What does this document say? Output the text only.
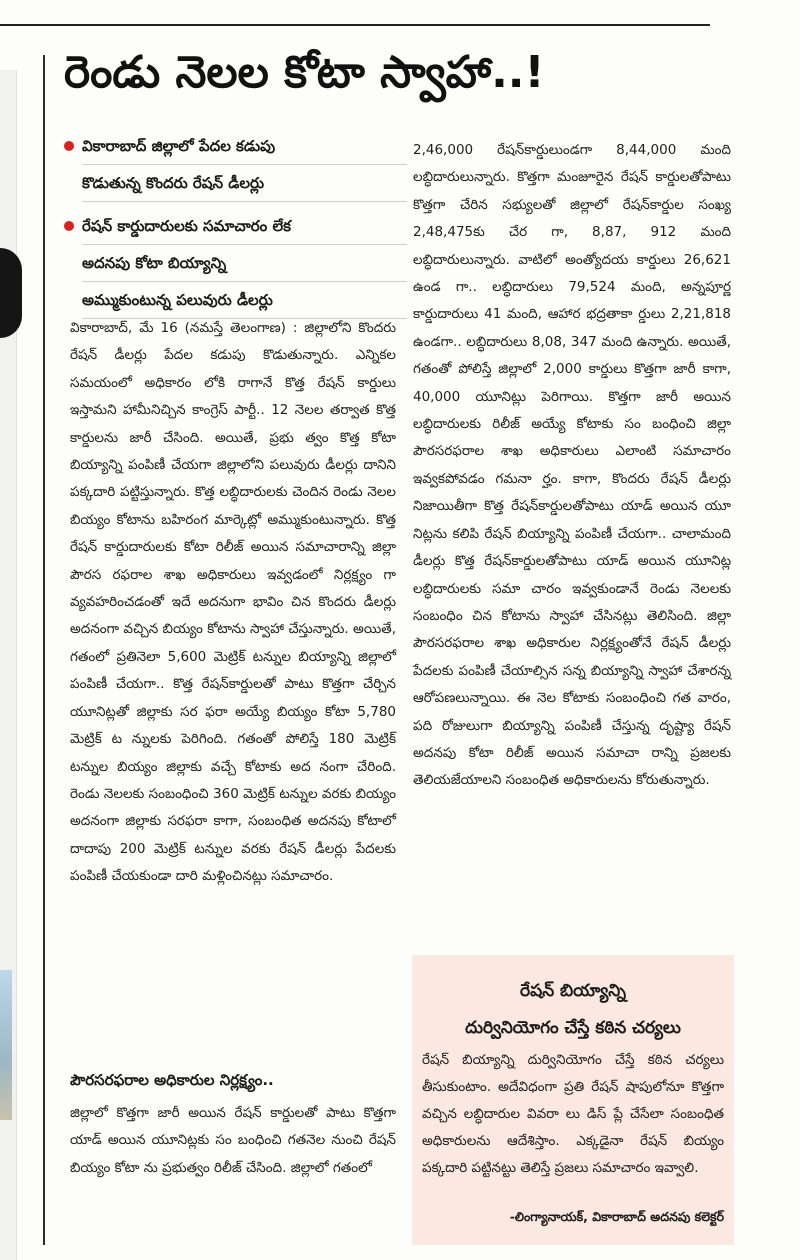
రెండు నెలల కోటా స్వాహా..!
వికారాబాద్ జిల్లాలో పేదల కడుపు
కొడుతున్న కొందరు రేషన్ డీలర్లు
రేషన్ కార్డుదారులకు సమాచారం లేక
అదనపు కోటా బియ్యాన్ని
అమ్ముకుంటున్న పలువురు డీలర్లు

వికారాబాద్, మే 16 (నమస్తే తెలంగాణ) : జిల్లాలోని కొందరు రేషన్ డీలర్లు పేదల కడుపు కొడుతున్నారు. ఎన్నికల సమయంలో అధికారం లోకి రాగానే కొత్త రేషన్ కార్డులు ఇస్తామని హామీనిచ్చిన కాంగ్రెస్ పార్టీ.. 12 నెలల తర్వాత కొత్త కార్డులను జారీ చేసింది. అయితే, ప్రభు త్వం కొత్త కోటా బియ్యాన్ని పంపిణీ చేయగా జిల్లాలోని పలువురు డీలర్లు దానిని పక్కదారి పట్టిస్తున్నారు. కొత్త లబ్ధిదారులకు చెందిన రెండు నెలల బియ్యం కోటాను బహిరంగ మార్కెట్లో అమ్ముకుంటున్నారు. కొత్త రేషన్ కార్డుదారులకు కోటా రిలీజ్ అయిన సమాచారాన్ని జిల్లా పౌరస రఫరాల శాఖ అధికారులు ఇవ్వడంలో నిర్లక్ష్యం గా వ్యవహరించడంతో ఇదే అదనుగా భావిం చిన కొందరు డీలర్లు అదనంగా వచ్చిన బియ్యం కోటాను స్వాహా చేస్తున్నారు. అయితే, గతంలో ప్రతినెలా 5,600 మెట్రిక్ టన్నుల బియ్యాన్ని జిల్లాలో పంపిణీ చేయగా.. కొత్త రేషన్‌కార్డులతో పాటు కొత్తగా చేర్చిన యూనిట్లతో జిల్లాకు సర ఫరా అయ్యే బియ్యం కోటా 5,780 మెట్రిక్ ట న్నులకు పెరిగింది. గతంతో పోలిస్తే 180 మెట్రిక్ టన్నుల బియ్యం జిల్లాకు వచ్చే కోటాకు అద నంగా చేరింది. రెండు నెలలకు సంబంధించి 360 మెట్రిక్ టన్నుల వరకు బియ్యం అదనంగా జిల్లాకు సరఫరా కాగా, సంబంధిత అదనపు కోటాలో దాదాపు 200 మెట్రిక్ టన్నుల వరకు రేషన్ డీలర్లు పేదలకు పంపిణీ చేయకుండా దారి మళ్లించినట్లు సమాచారం.

పౌరసరఫరాల అధికారుల నిర్లక్ష్యం..

జిల్లాలో కొత్తగా జారీ అయిన రేషన్ కార్డులతో పాటు కొత్తగా యాడ్ అయిన యూనిట్లకు సం బంధించి గతనెల నుంచి రేషన్ బియ్యం కోటా ను ప్రభుత్వం రిలీజ్ చేసింది. జిల్లాలో గతంలో

2,46,000 రేషన్‌కార్డులుండగా 8,44,000 మంది లబ్ధిదారులున్నారు. కొత్తగా మంజూరైన రేషన్ కార్డులతోపాటు కొత్తగా చేరిన సభ్యులతో జిల్లాలో రేషన్‌కార్డుల సంఖ్య 2,48,475కు చేర గా, 8,87, 912 మంది లబ్ధిదారులున్నారు. వాటిలో అంత్యోదయ కార్డులు 26,621 ఉండ గా.. లబ్ధిదారులు 79,524 మంది, అన్నపూర్ణ కార్డుదారులు 41 మంది, ఆహార భద్రతాకా ర్డులు 2,21,818 ఉండగా.. లబ్ధిదారులు 8,08, 347 మంది ఉన్నారు. అయితే, గతంతో పోలిస్తే జిల్లాలో 2,000 కార్డులు కొత్తగా జారీ కాగా, 40,000 యూనిట్లు పెరిగాయి. కొత్తగా జారీ అయిన లబ్ధిదారులకు రిలీజ్ అయ్యే కోటాకు సం బంధించి జిల్లా పౌరసరఫరాల శాఖ అధికారులు ఎలాంటి సమాచారం ఇవ్వకపోవడం గమనా ర్హం. కాగా, కొందరు రేషన్ డీలర్లు నిజాయితీగా కొత్త రేషన్‌కార్డులతోపాటు యాడ్ అయిన యూ నిట్లను కలిపి రేషన్ బియ్యాన్ని పంపిణీ చేయగా.. చాలామంది డీలర్లు కొత్త రేషన్‌కార్డులతోపాటు యాడ్ అయిన యూనిట్ల లబ్ధిదారులకు సమా చారం ఇవ్వకుండానే రెండు నెలలకు సంబంధిం చిన కోటాను స్వాహా చేసినట్లు తెలిసింది. జిల్లా పౌరసరఫరాల శాఖ అధికారుల నిర్లక్ష్యంతోనే రేషన్ డీలర్లు పేదలకు పంపిణీ చేయాల్సిన సన్న బియ్యాన్ని స్వాహా చేశారన్న ఆరోపణలున్నాయి. ఈ నెల కోటాకు సంబంధించి గత వారం, పది రోజులుగా బియ్యాన్ని పంపిణీ చేస్తున్న దృష్ట్యా రేషన్ అదనపు కోటా రిలీజ్ అయిన సమాచా రాన్ని ప్రజలకు తెలియజేయాలని సంబంధిత అధికారులను కోరుతున్నారు.

రేషన్ బియ్యాన్ని
దుర్వినియోగం చేస్తే కఠిన చర్యలు

రేషన్ బియ్యాన్ని దుర్వినియోగం చేస్తే కఠిన చర్యలు తీసుకుంటాం. అదేవిధంగా ప్రతి రేషన్ షాపులోనూ కొత్తగా వచ్చిన లబ్ధిదారుల వివరా లు డిస్ ప్లే చేసేలా సంబంధిత అధికారులను ఆదేశిస్తాం. ఎక్కడైనా రేషన్ బియ్యం పక్కదారి పట్టినట్టు తెలిస్తే ప్రజలు సమాచారం ఇవ్వాలి.

-లింగ్యానాయక్, వికారాబాద్ అదనపు కలెక్టర్
